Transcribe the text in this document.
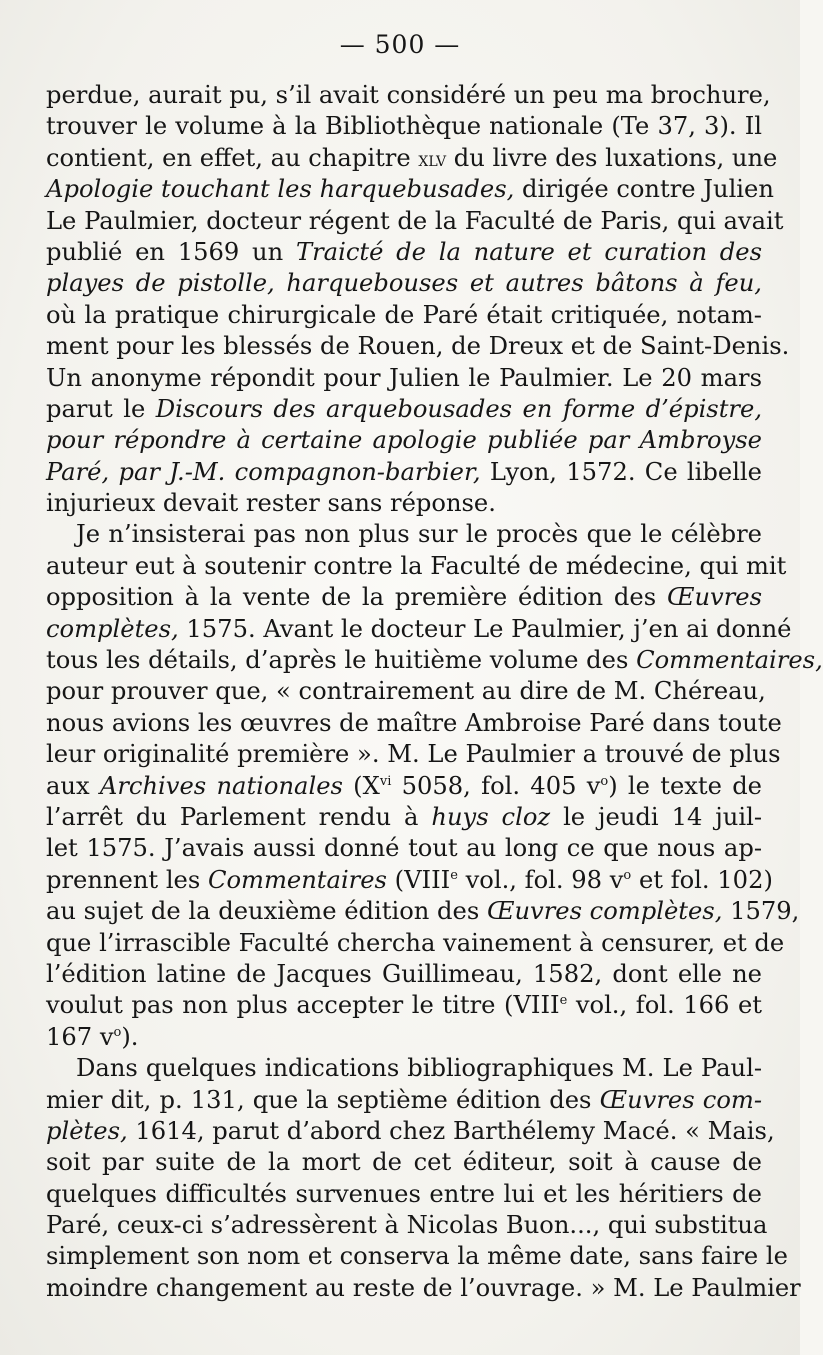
— 500 —
perdue, aurait pu, s’il avait considéré un peu ma brochure,
trouver le volume à la Bibliothèque nationale (Te 37, 3). Il
contient, en effet, au chapitre xlv du livre des luxations, une
Apologie touchant les harquebusades, dirigée contre Julien
Le Paulmier, docteur régent de la Faculté de Paris, qui avait
publié en 1569 un Traicté de la nature et curation des
playes de pistolle, harquebouses et autres bâtons à feu,
où la pratique chirurgicale de Paré était critiquée, notam-
ment pour les blessés de Rouen, de Dreux et de Saint-Denis.
Un anonyme répondit pour Julien le Paulmier. Le 20 mars
parut le Discours des arquebousades en forme d’épistre,
pour répondre à certaine apologie publiée par Ambroyse
Paré, par J.-M. compagnon-barbier, Lyon, 1572. Ce libelle
injurieux devait rester sans réponse.
Je n’insisterai pas non plus sur le procès que le célèbre
auteur eut à soutenir contre la Faculté de médecine, qui mit
opposition à la vente de la première édition des Œuvres
complètes, 1575. Avant le docteur Le Paulmier, j’en ai donné
tous les détails, d’après le huitième volume des Commentaires,
pour prouver que, « contrairement au dire de M. Chéreau,
nous avions les œuvres de maître Ambroise Paré dans toute
leur originalité première ». M. Le Paulmier a trouvé de plus
aux Archives nationales ($X^{vi}$ 5058, fol. 405 $v^o$) le texte de
l’arrêt du Parlement rendu à huys cloz le jeudi 14 juil-
let 1575. J’avais aussi donné tout au long ce que nous ap-
prennent les Commentaires (VIIIe vol., fol. 98 $v^o$ et fol. 102)
au sujet de la deuxième édition des Œuvres complètes, 1579,
que l’irrascible Faculté chercha vainement à censurer, et de
l’édition latine de Jacques Guillimeau, 1582, dont elle ne
voulut pas non plus accepter le titre (VIIIe vol., fol. 166 et
167 $v^o$).
Dans quelques indications bibliographiques M. Le Paul-
mier dit, p. 131, que la septième édition des Œuvres com-
plètes, 1614, parut d’abord chez Barthélemy Macé. « Mais,
soit par suite de la mort de cet éditeur, soit à cause de
quelques difficultés survenues entre lui et les héritiers de
Paré, ceux-ci s’adressèrent à Nicolas Buon..., qui substitua
simplement son nom et conserva la même date, sans faire le
moindre changement au reste de l’ouvrage. » M. Le Paulmier
